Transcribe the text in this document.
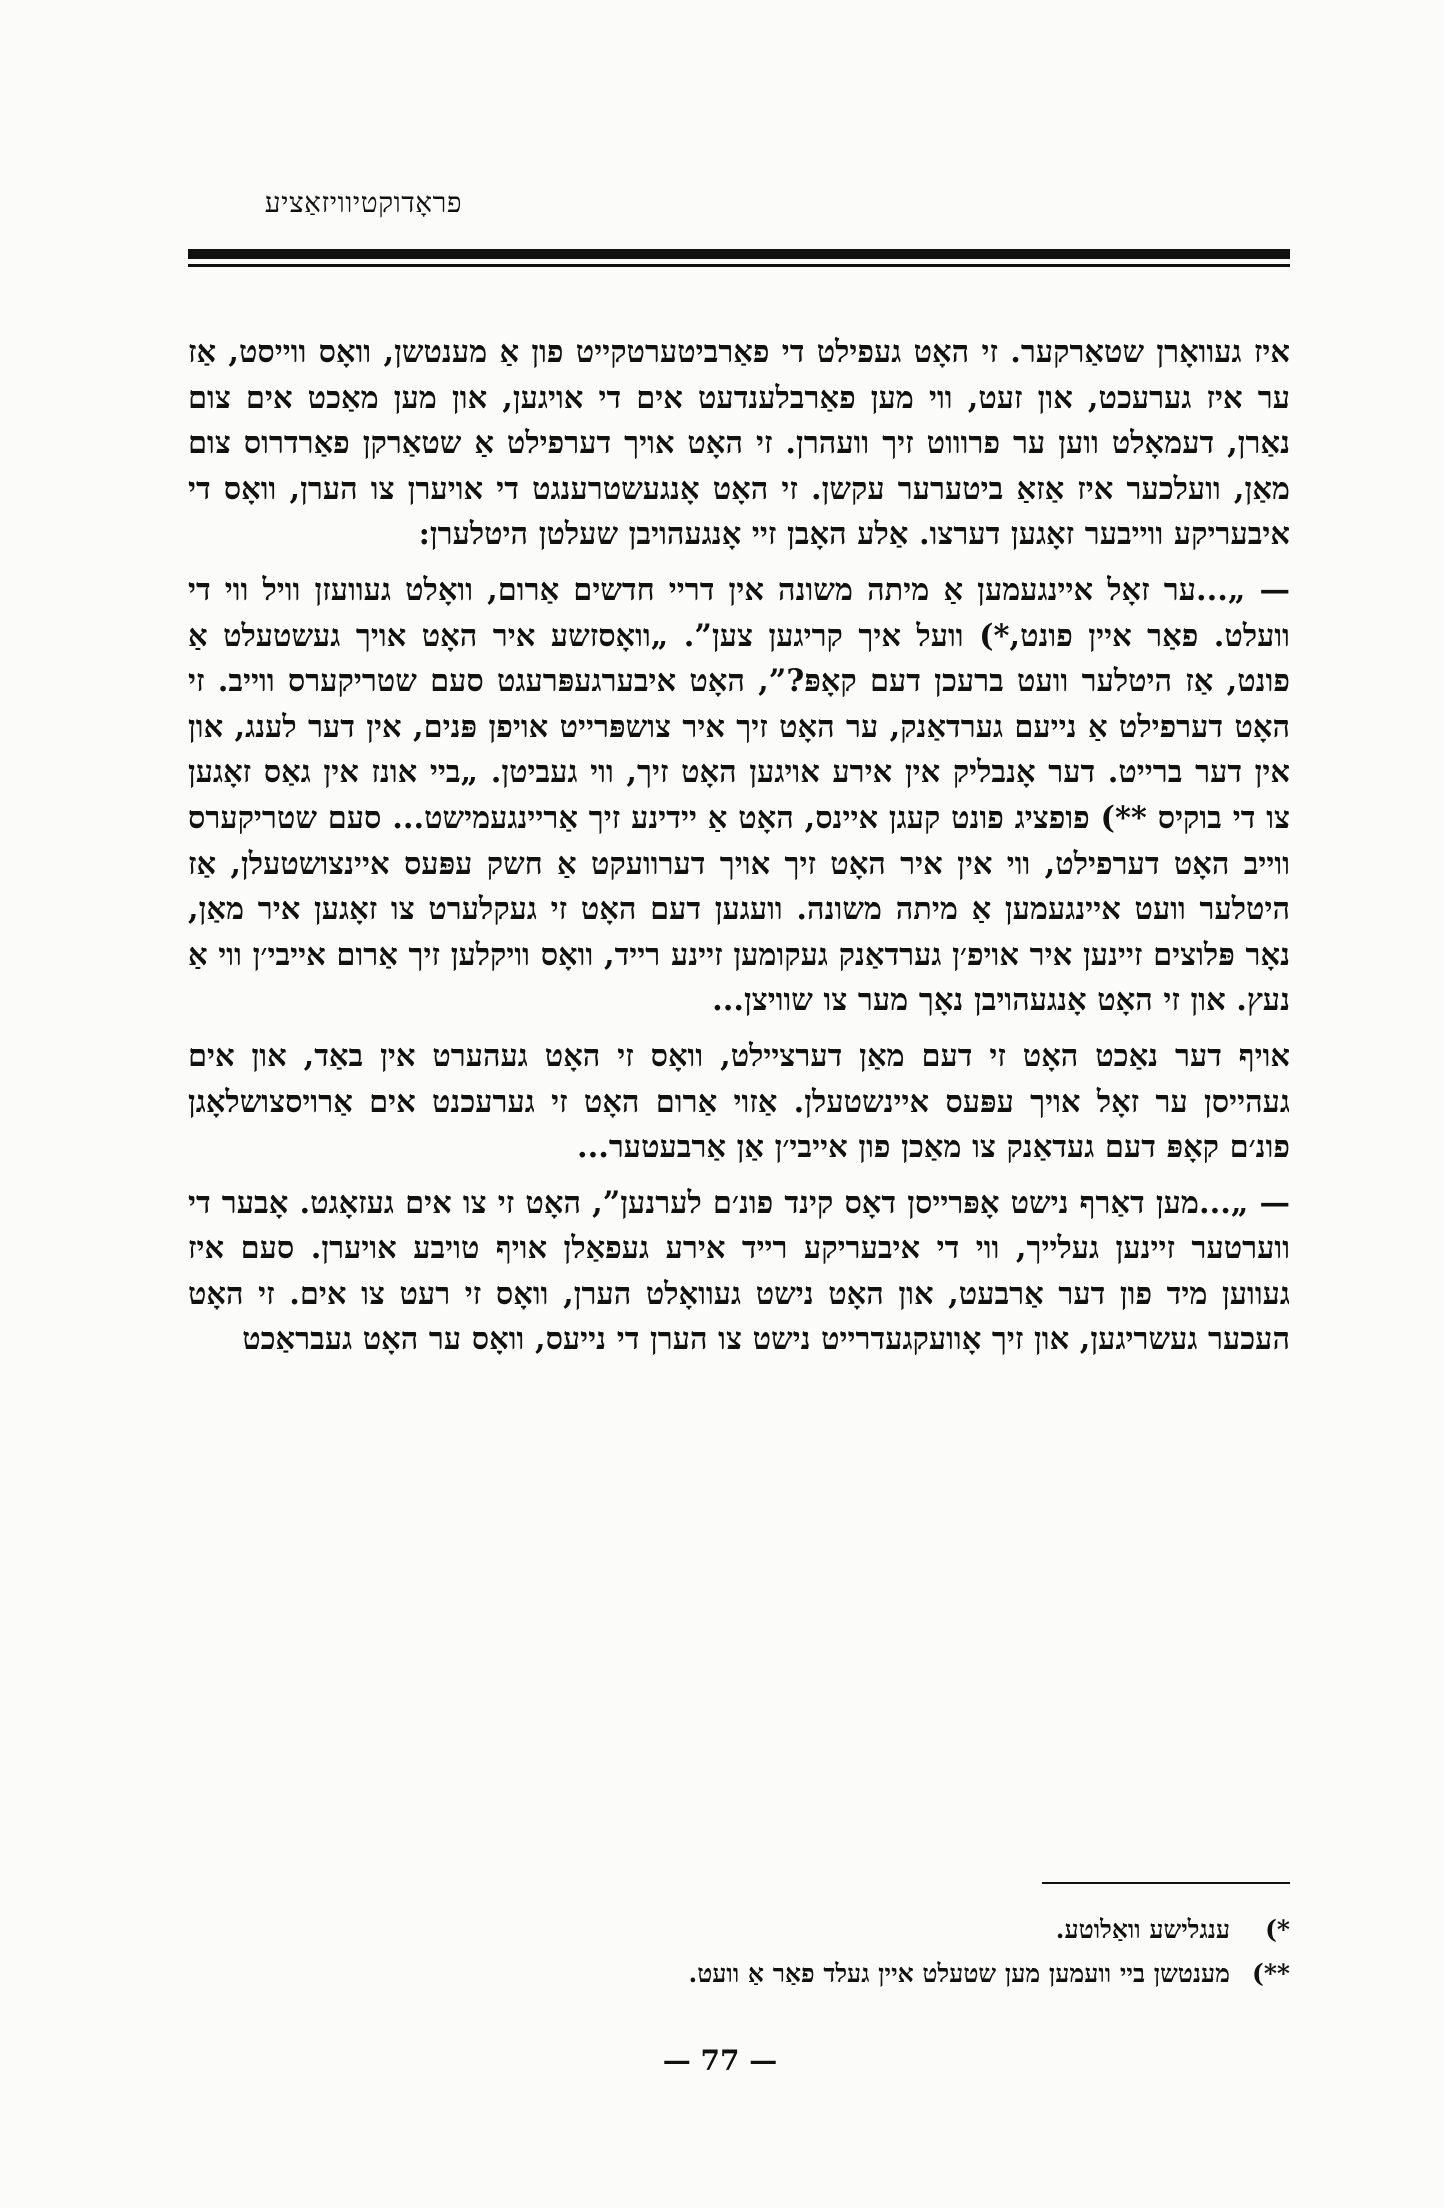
פראָדוקטיוויזאַציע

איז געוואָרן שטאַרקער. זי האָט געפילט די פאַרביטערטקייט פון אַ מענטשן, וואָס ווייסט, אַז ער איז גערעכט, און זעט, ווי מען פאַרבלענדעט אים די אויגען, און מען מאַכט אים צום נאַרן, דעמאָלט ווען ער פרוווט זיך וועהרן. זי האָט אויך דערפילט אַ שטאַרקן פאַרדרוס צום מאַן, וועלכער איז אַזאַ ביטערער עקשן. זי האָט אָנגעשטרענגט די אויערן צו הערן, וואָס די איבעריקע ווייבער זאָגען דערצו. אַלע האָבן זיי אָנגעהויבן שעלטן היטלערן:

— „...ער זאָל איינגעמען אַ מיתה משונה אין דריי חדשים אַרום, וואָלט געוועזן וויל ווי די וועלט. פאַר איין פונט,*) וועל איך קריגען צען”. „וואָסזשע איר האָט אויך געשטעלט אַ פונט, אַז היטלער וועט ברעכן דעם קאָפּ?”, האָט איבערגעפּרעגט סעם שטריקערס ווייב. זי האָט דערפילט אַ נייעם גערדאַנק, ער האָט זיך איר צושפּרייט אויפן פּנים, אין דער לענג, און אין דער ברייט. דער אָנבליק אין אירע אויגען האָט זיך, ווי געביטן. „ביי אונז אין גאַס זאָגען צו די בוקיס **) פופציג פונט קעגן איינס, האָט אַ יידינע זיך אַריינגעמישט... סעם שטריקערס ווייב האָט דערפילט, ווי אין איר האָט זיך אויך דערוועקט אַ חשק עפּעס איינצושטעלן, אַז היטלער וועט איינגעמען אַ מיתה משונה. וועגען דעם האָט זי געקלערט צו זאָגען איר מאַן, נאָר פּלוצים זיינען איר אויפ׳ן גערדאַנק געקומען זיינע רייד, וואָס וויקלען זיך אַרום אייבי׳ן ווי אַ נעץ. און זי האָט אָנגעהויבן נאָך מער צו שוויצן...

אויף דער נאַכט האָט זי דעם מאַן דערציילט, וואָס זי האָט געהערט אין באַד, און אים געהייסן ער זאָל אויך עפּעס איינשטעלן. אַזוי אַרום האָט זי גערעכנט אים אַרויסצושלאָגן פונ׳ם קאָפּ דעם געדאַנק צו מאַכן פון אייבי׳ן אַן אַרבעטער...

— „...מען דאַרף נישט אָפּרייסן דאָס קינד פונ׳ם לערנען”, האָט זי צו אים געזאָגט. אָבער די ווערטער זיינען געלייך, ווי די איבעריקע רייד אירע געפאַלן אויף טויבע אויערן. סעם איז געווען מיד פון דער אַרבעט, און האָט נישט געוואָלט הערן, וואָס זי רעט צו אים. זי האָט העכער געשריגען, און זיך אָוועקגעדרייט נישט צו הערן די נייעס, וואָס ער האָט געבראַכט

*)
ענגלישע וואַלוטע.
**)
מענטשן ביי וועמען מען שטעלט איין געלד פאַר אַ וועט.
— 77 —
